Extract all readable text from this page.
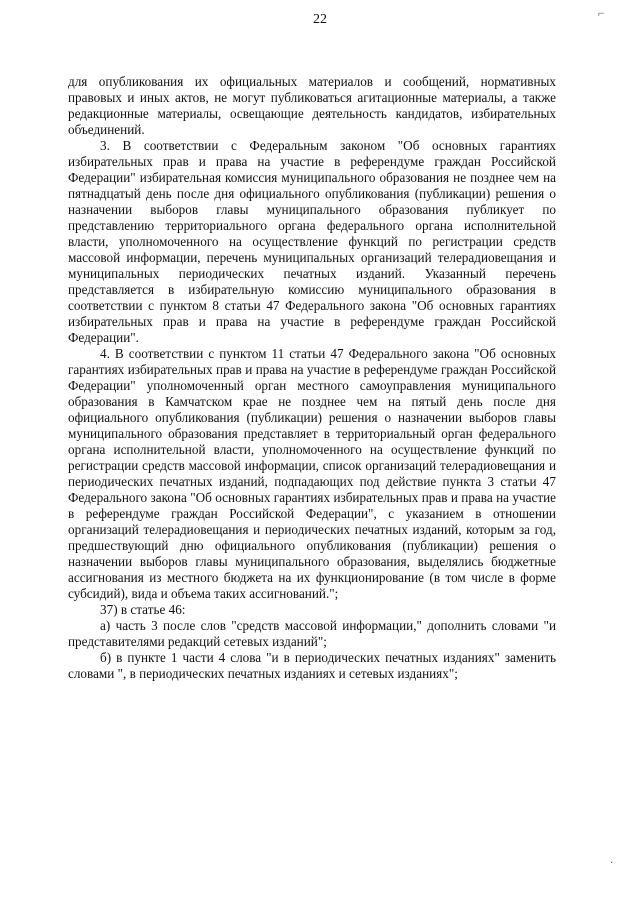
22	⌐
·

для опубликования их официальных материалов и сообщений, нормативных правовых и иных актов, не могут публиковаться агитационные материалы, а также редакционные материалы, освещающие деятельность кандидатов, избирательных объединений.

3. В соответствии с Федеральным законом "Об основных гарантиях избирательных прав и права на участие в референдуме граждан Российской Федерации" избирательная комиссия муниципального образования не позднее чем на пятнадцатый день после дня официального опубликования (публикации) решения о назначении выборов главы муниципального образования публикует по представлению территориального органа федерального органа исполнительной власти, уполномоченного на осуществление функций по регистрации средств массовой информации, перечень муниципальных организаций телерадиовещания и муниципальных периодических печатных изданий. Указанный перечень представляется в избирательную комиссию муниципального образования в соответствии с пунктом 8 статьи 47 Федерального закона "Об основных гарантиях избирательных прав и права на участие в референдуме граждан Российской Федерации".

4. В соответствии с пунктом 11 статьи 47 Федерального закона "Об основных гарантиях избирательных прав и права на участие в референдуме граждан Российской Федерации" уполномоченный орган местного самоуправления муниципального образования в Камчатском крае не позднее чем на пятый день после дня официального опубликования (публикации) решения о назначении выборов главы муниципального образования представляет в территориальный орган федерального органа исполнительной власти, уполномоченного на осуществление функций по регистрации средств массовой информации, список организаций телерадиовещания и периодических печатных изданий, подпадающих под действие пункта 3 статьи 47 Федерального закона "Об основных гарантиях избирательных прав и права на участие в референдуме граждан Российской Федерации", с указанием в отношении организаций телерадиовещания и периодических печатных изданий, которым за год, предшествующий дню официального опубликования (публикации) решения о назначении выборов главы муниципального образования, выделялись бюджетные ассигнования из местного бюджета на их функционирование (в том числе в форме субсидий), вида и объема таких ассигнований.";

37) в статье 46:

а) часть 3 после слов "средств массовой информации," дополнить словами "и представителями редакций сетевых изданий";

б) в пункте 1 части 4 слова "и в периодических печатных изданиях" заменить словами ", в периодических печатных изданиях и сетевых изданиях";
